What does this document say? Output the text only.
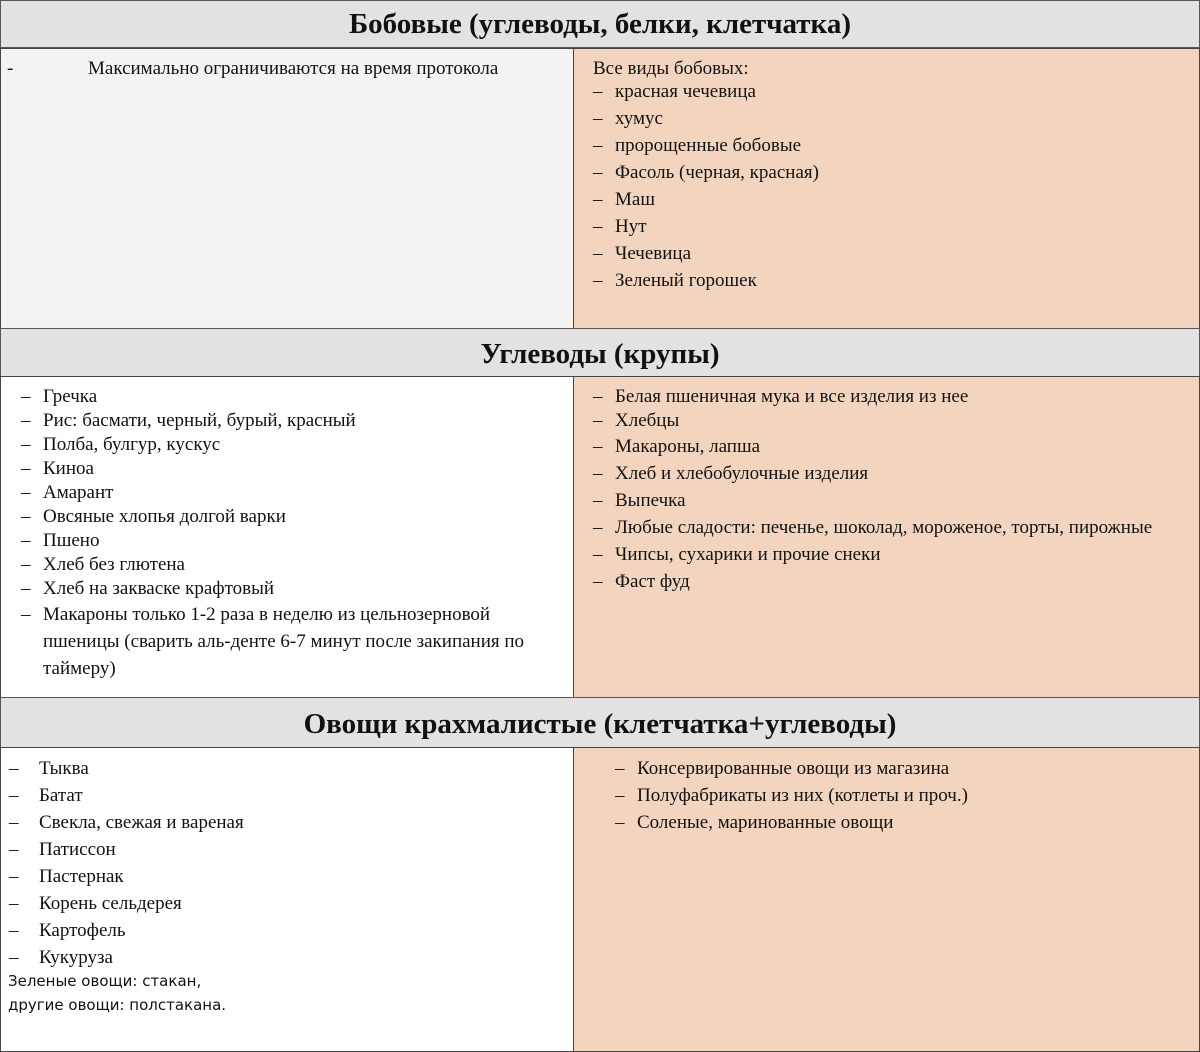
Бобовые (углеводы, белки, клетчатка)
-	Максимально ограничиваются на время протокола	Все виды бобовых:
– красная чечевица
– хумус
– пророщенные бобовые
– Фасоль (черная, красная)
– Маш
– Нут
– Чечевица
– Зеленый горошек
Углеводы (крупы)
– Гречка
– Рис: басмати, черный, бурый, красный
– Полба, булгур, кускус
– Киноа
– Амарант
– Овсяные хлопья долгой варки
– Пшено
– Хлеб без глютена
– Хлеб на закваске крафтовый
– Макароны только 1-2 раза в неделю из цельнозерновой
пшеницы (сварить аль-денте 6-7 минут после закипания по
таймеру)
– Белая пшеничная мука и все изделия из нее
– Хлебцы
– Макароны, лапша
– Хлеб и хлебобулочные изделия
– Выпечка
– Любые сладости: печенье, шоколад, мороженое, торты, пирожные
– Чипсы, сухарики и прочие снеки
– Фаст фуд
Овощи крахмалистые (клетчатка+углеводы)
– Тыква
– Батат
– Свекла, свежая и вареная
– Патиссон
– Пастернак
– Корень сельдерея
– Картофель
– Кукуруза
Зеленые овощи: стакан,
другие овощи: полстакана.
– Консервированные овощи из магазина
– Полуфабрикаты из них (котлеты и проч.)
– Соленые, маринованные овощи
